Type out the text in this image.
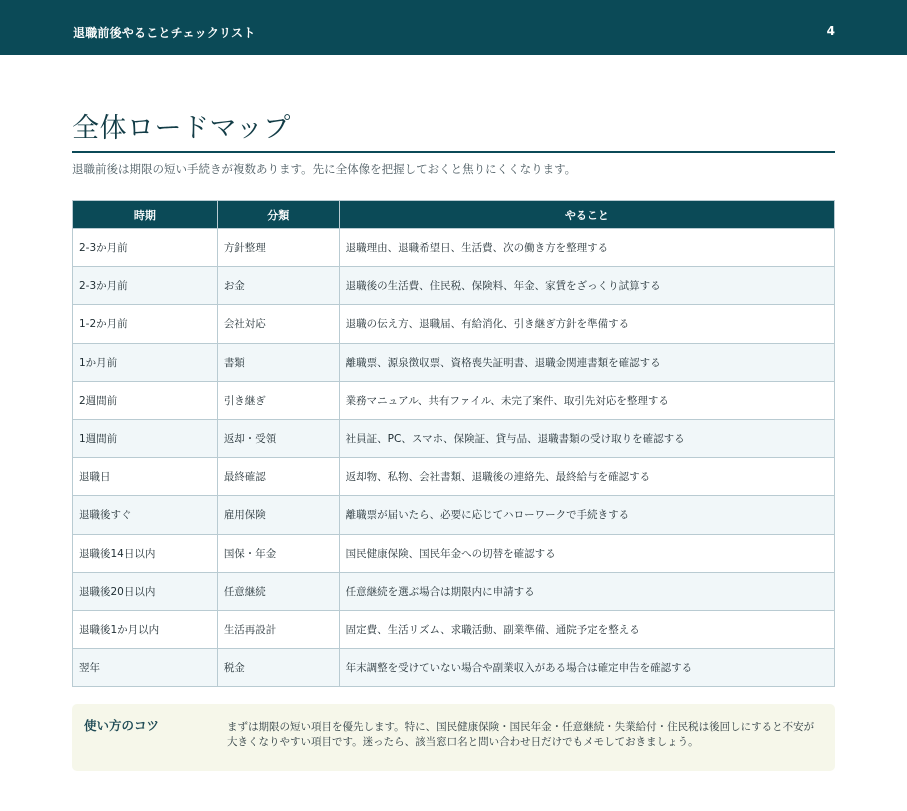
退職前後やることチェックリスト	4
全体ロードマップ

退職前後は期限の短い手続きが複数あります。先に全体像を把握しておくと焦りにくくなります。

時期	分類	やること
2-3か月前	方針整理	退職理由、退職希望日、生活費、次の働き方を整理する
2-3か月前	お金	退職後の生活費、住民税、保険料、年金、家賃をざっくり試算する
1-2か月前	会社対応	退職の伝え方、退職届、有給消化、引き継ぎ方針を準備する
1か月前	書類	離職票、源泉徴収票、資格喪失証明書、退職金関連書類を確認する
2週間前	引き継ぎ	業務マニュアル、共有ファイル、未完了案件、取引先対応を整理する
1週間前	返却・受領	社員証、PC、スマホ、保険証、貸与品、退職書類の受け取りを確認する
退職日	最終確認	返却物、私物、会社書類、退職後の連絡先、最終給与を確認する
退職後すぐ	雇用保険	離職票が届いたら、必要に応じてハローワークで手続きする
退職後14日以内	国保・年金	国民健康保険、国民年金への切替を確認する
退職後20日以内	任意継続	任意継続を選ぶ場合は期限内に申請する
退職後1か月以内	生活再設計	固定費、生活リズム、求職活動、副業準備、通院予定を整える
翌年	税金	年末調整を受けていない場合や副業収入がある場合は確定申告を確認する
使い方のコツ	まずは期限の短い項目を優先します。特に、国民健康保険・国民年金・任意継続・失業給付・住民税は後回しにすると不安が大きくなりやすい項目です。迷ったら、該当窓口名と問い合わせ日だけでもメモしておきましょう。
